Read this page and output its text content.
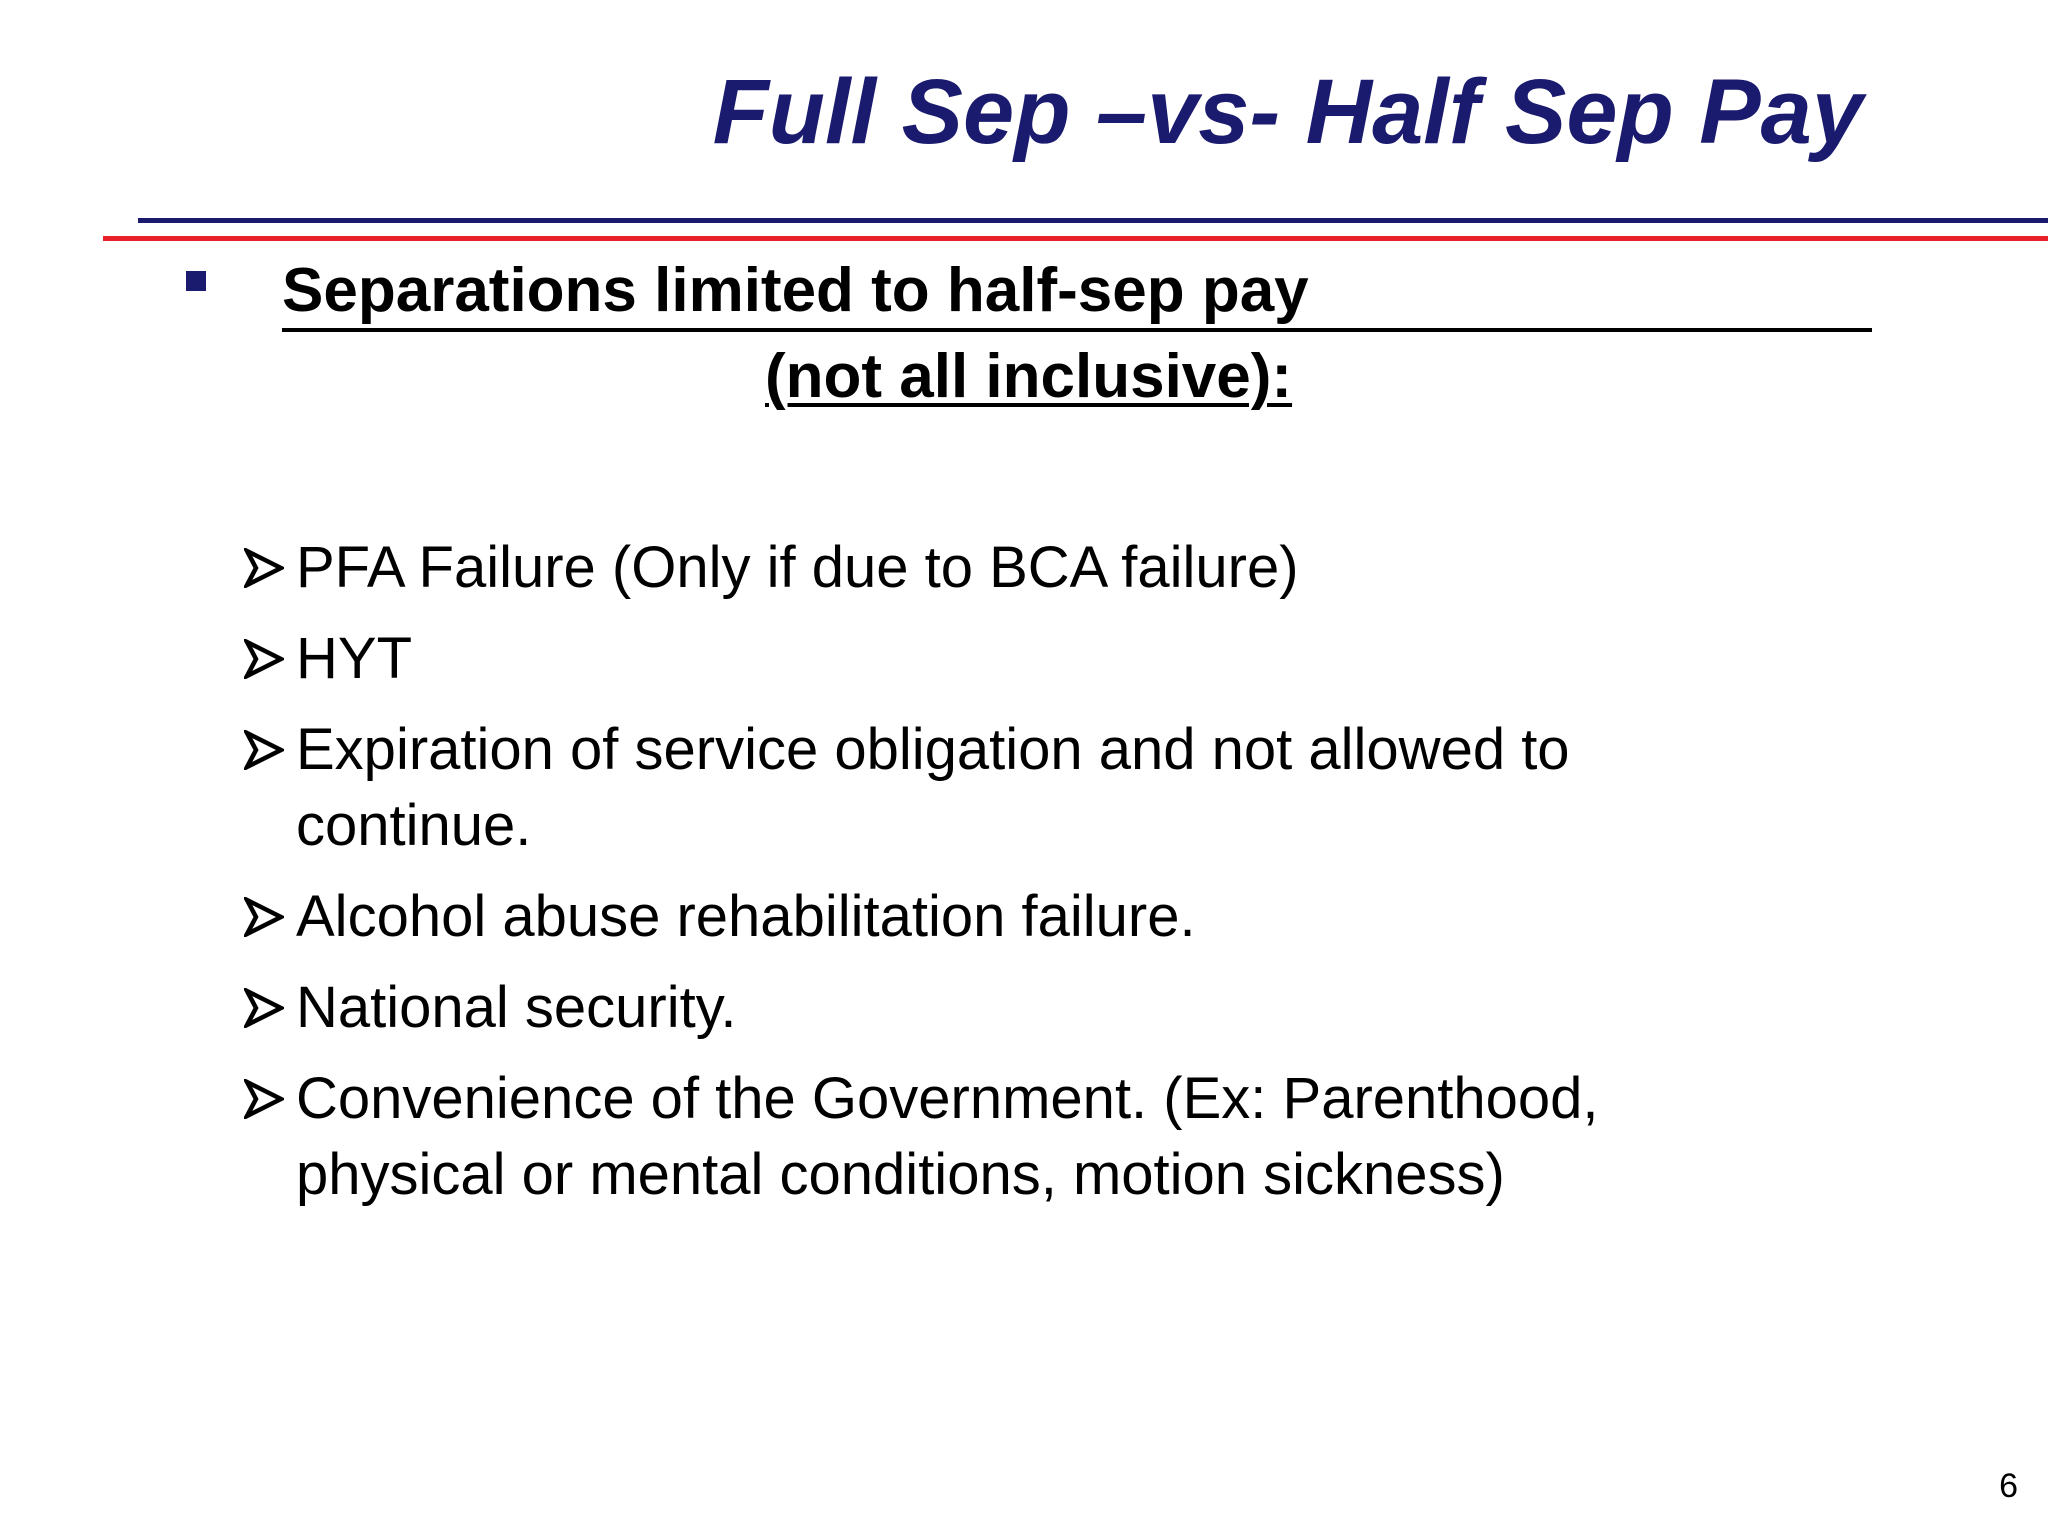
Full Sep –vs- Half Sep Pay
Separations limited to half-sep pay
(not all inclusive):
PFA Failure (Only if due to BCA failure)
HYT
Expiration of service obligation and not allowed to continue.
Alcohol abuse rehabilitation failure.
National security.
Convenience of the Government. (Ex: Parenthood, physical or mental conditions, motion sickness)
6
